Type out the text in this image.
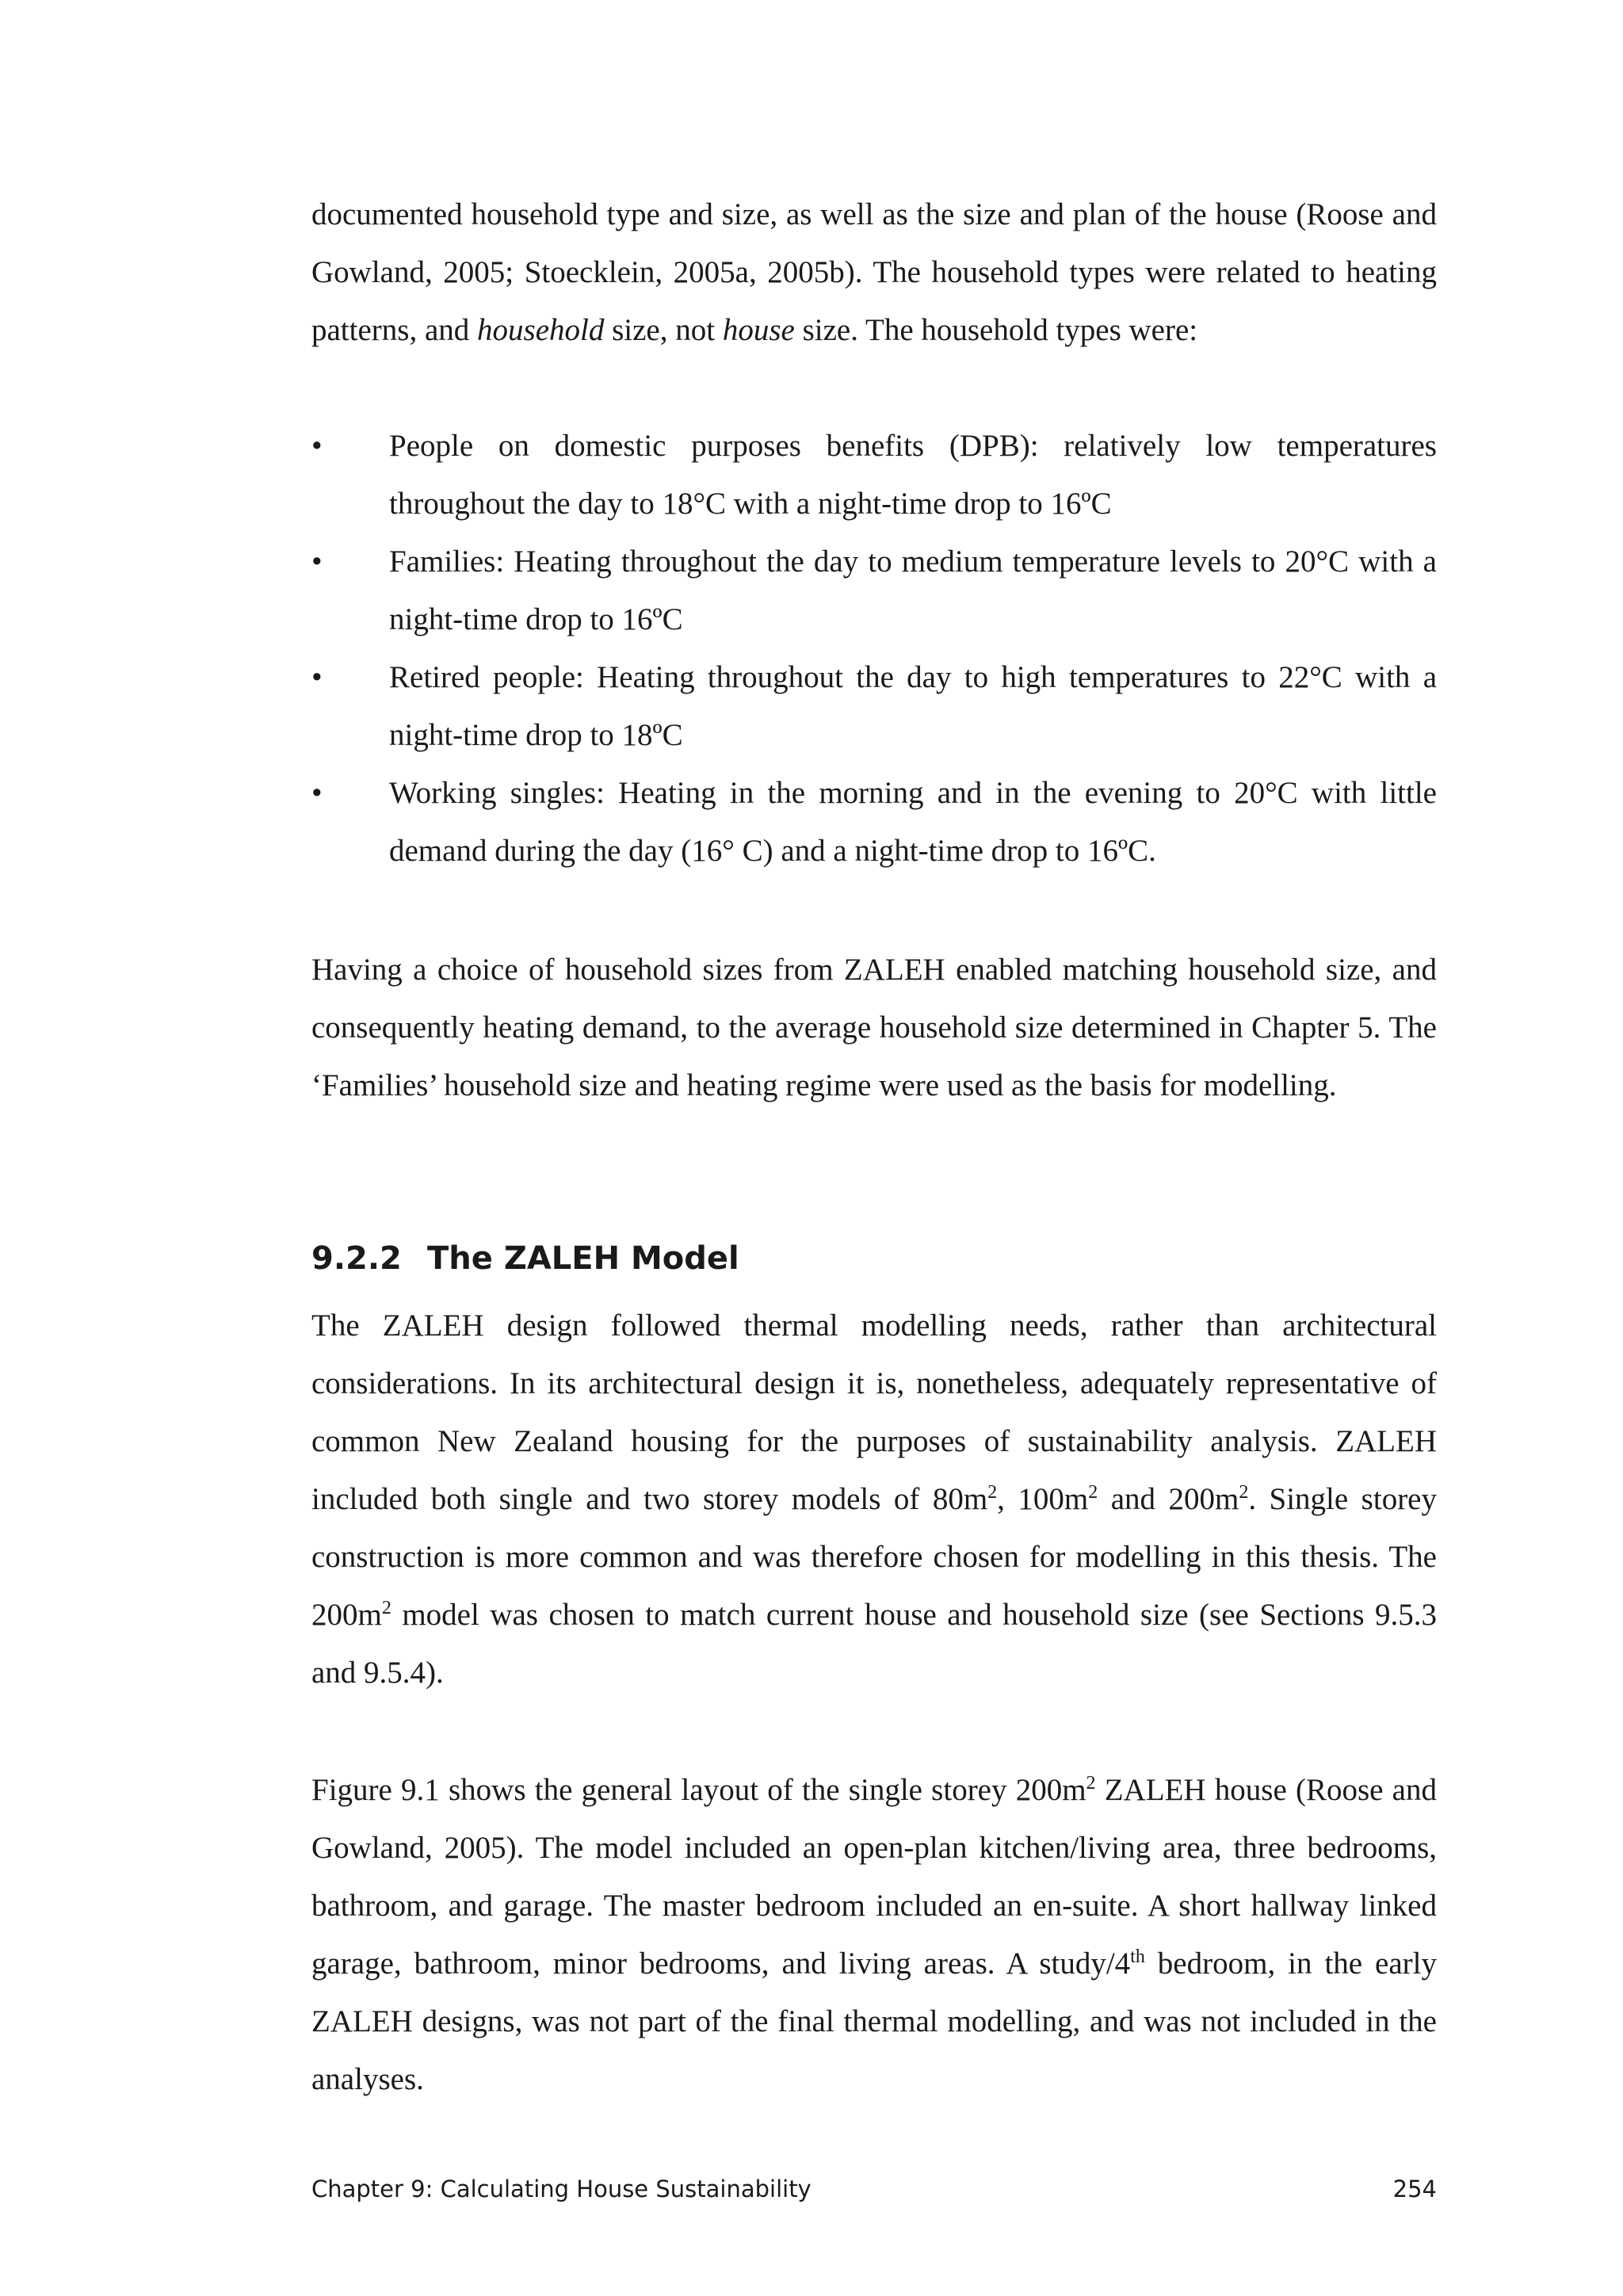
documented household type and size, as well as the size and plan of the house (Roose and Gowland, 2005; Stoecklein, 2005a, 2005b). The household types were related to heating patterns, and household size, not house size. The household types were:

•	People on domestic purposes benefits (DPB): relatively low temperatures throughout the day to 18°C with a night-time drop to 16ºC
•	Families: Heating throughout the day to medium temperature levels to 20°C with a night-time drop to 16ºC
•	Retired people: Heating throughout the day to high temperatures to 22°C with a night-time drop to 18ºC
•	Working singles: Heating in the morning and in the evening to 20°C with little demand during the day (16° C) and a night-time drop to 16ºC.

Having a choice of household sizes from ZALEH enabled matching household size, and consequently heating demand, to the average household size determined in Chapter 5. The ‘Families’ household size and heating regime were used as the basis for modelling.

9.2.2 The ZALEH Model

The ZALEH design followed thermal modelling needs, rather than architectural considerations. In its architectural design it is, nonetheless, adequately representative of common New Zealand housing for the purposes of sustainability analysis. ZALEH included both single and two storey models of $80m^2$, $100m^2$ and $200m^2$. Single storey construction is more common and was therefore chosen for modelling in this thesis. The $200m^2$ model was chosen to match current house and household size (see Sections 9.5.3 and 9.5.4).

Figure 9.1 shows the general layout of the single storey $200m^2$ ZALEH house (Roose and Gowland, 2005). The model included an open-plan kitchen/living area, three bedrooms, bathroom, and garage. The master bedroom included an en-suite. A short hallway linked garage, bathroom, minor bedrooms, and living areas. A study/4th bedroom, in the early ZALEH designs, was not part of the final thermal modelling, and was not included in the analyses.

Chapter 9: Calculating House Sustainability	254
